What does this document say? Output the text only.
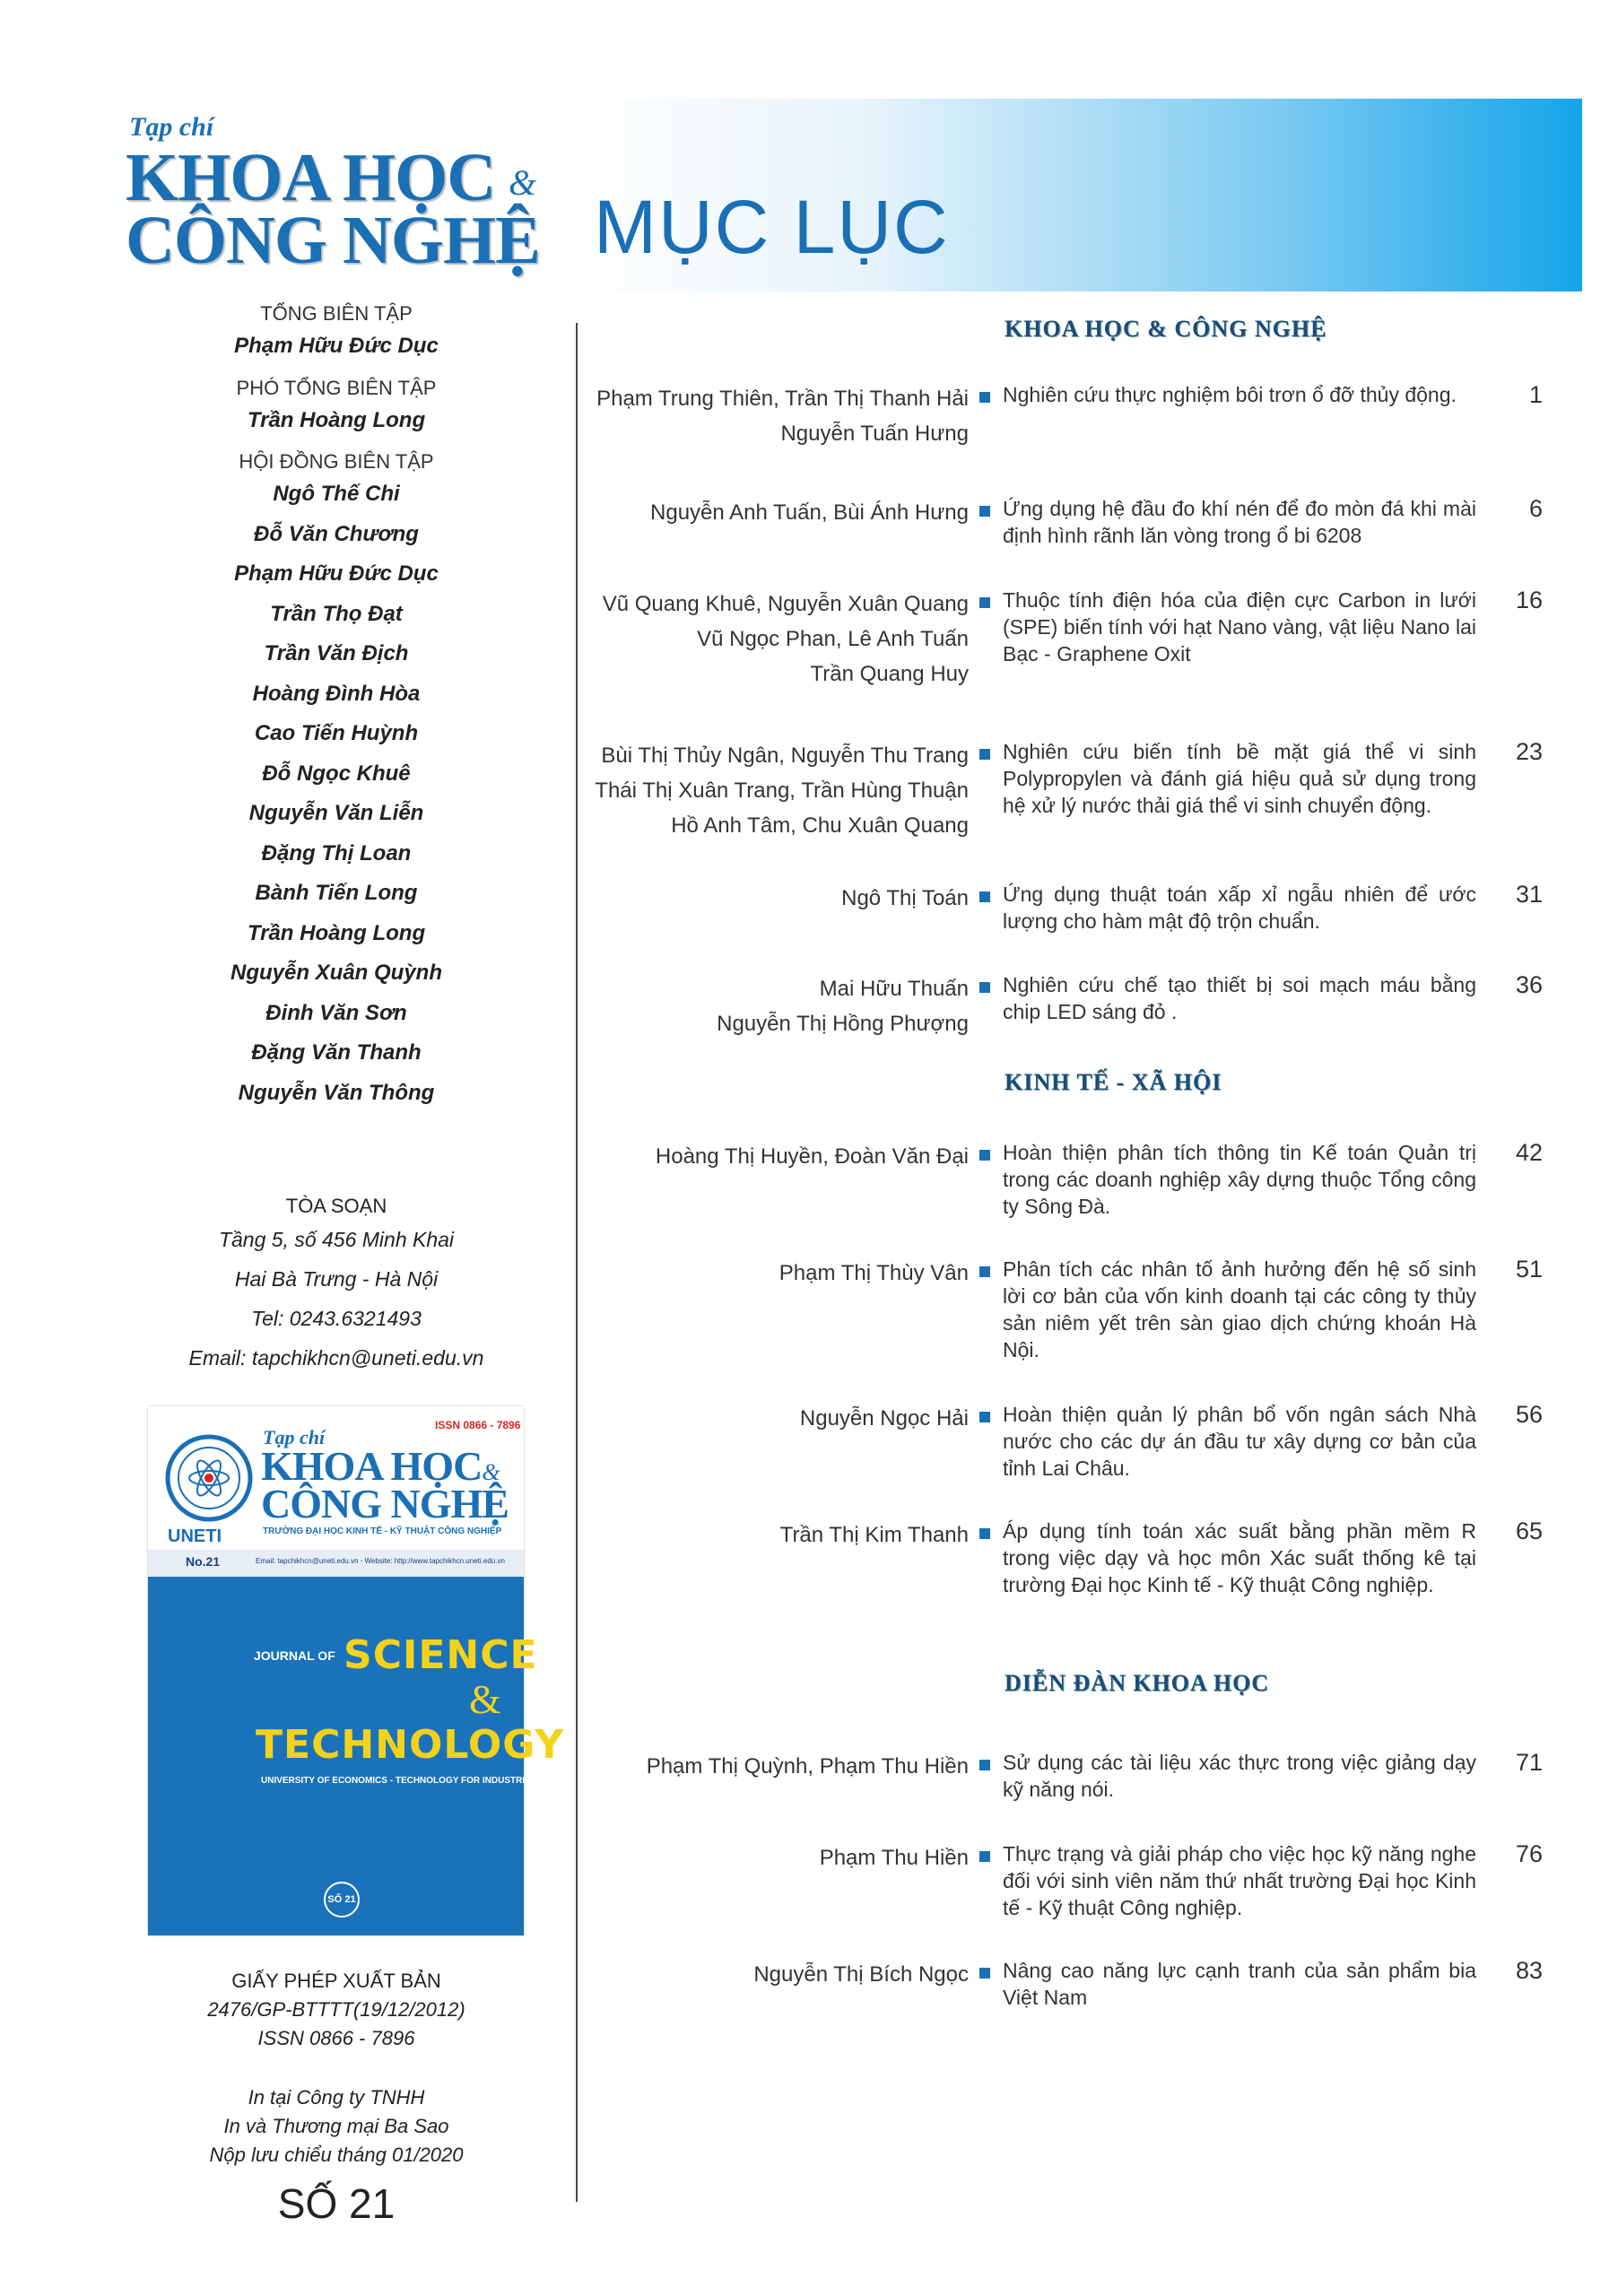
Tạp chí
KHOA HỌC &
CÔNG NGHỆ
TỔNG BIÊN TẬP
Phạm Hữu Đức Dục
PHÓ TỔNG BIÊN TẬP
Trần Hoàng Long
HỘI ĐỒNG BIÊN TẬP
Ngô Thế Chi
Đỗ Văn Chương
Phạm Hữu Đức Dục
Trần Thọ Đạt
Trần Văn Địch
Hoàng Đình Hòa
Cao Tiến Huỳnh
Đỗ Ngọc Khuê
Nguyễn Văn Liễn
Đặng Thị Loan
Bành Tiến Long
Trần Hoàng Long
Nguyễn Xuân Quỳnh
Đinh Văn Sơn
Đặng Văn Thanh
Nguyễn Văn Thông
TÒA SOẠN
Tầng 5, số 456 Minh Khai
Hai Bà Trưng - Hà Nội
Tel: 0243.6321493
Email: tapchikhcn@uneti.edu.vn
UNETI
ISSN 0866 - 7896
Tạp chí
KHOA HỌC&
CÔNG NGHỆ
TRƯỜNG ĐẠI HỌC KINH TẾ - KỸ THUẬT CÔNG NGHIỆP
No.21	Email: tapchikhcn@uneti.edu.vn - Website: http://www.tapchikhcn.uneti.edu.vn
JOURNAL OF SCIENCE
&
TECHNOLOGY
UNIVERSITY OF ECONOMICS - TECHNOLOGY FOR INDUSTRIES
SỐ 21
GIẤY PHÉP XUẤT BẢN
2476/GP-BTTTT(19/12/2012)
ISSN 0866 - 7896
In tại Công ty TNHH
In và Thương mại Ba Sao
Nộp lưu chiểu tháng 01/2020
SỐ 21
MỤC LỤC
KHOA HỌC & CÔNG NGHỆ
KINH TẾ - XÃ HỘI
DIỄN ĐÀN KHOA HỌC
Phạm Trung Thiên, Trần Thị Thanh Hải
Nguyễn Tuấn Hưng
Nghiên cứu thực nghiệm bôi trơn ổ đỡ thủy động.	1
Nguyễn Anh Tuấn, Bùi Ánh Hưng Ứng dụng hệ đầu đo khí nén để đo mòn đá khi mài định hình rãnh lăn vòng trong ổ bi 6208
6
Vũ Quang Khuê, Nguyễn Xuân Quang
Vũ Ngọc Phan, Lê Anh Tuấn
Trần Quang Huy
Thuộc tính điện hóa của điện cực Carbon in lưới (SPE) biến tính với hạt Nano vàng, vật liệu Nano lai Bạc - Graphene Oxit
16
Bùi Thị Thủy Ngân, Nguyễn Thu Trang
Thái Thị Xuân Trang, Trần Hùng Thuận
Hồ Anh Tâm, Chu Xuân Quang
Nghiên cứu biến tính bề mặt giá thể vi sinh Polypropylen và đánh giá hiệu quả sử dụng trong hệ xử lý nước thải giá thể vi sinh chuyển động.
23
Ngô Thị Toán Ứng dụng thuật toán xấp xỉ ngẫu nhiên để ước lượng cho hàm mật độ trộn chuẩn.
31
Mai Hữu Thuấn
Nguyễn Thị Hồng Phượng
Nghiên cứu chế tạo thiết bị soi mạch máu bằng chip LED sáng đỏ .
36
Hoàng Thị Huyền, Đoàn Văn Đại Hoàn thiện phân tích thông tin Kế toán Quản trị trong các doanh nghiệp xây dựng thuộc Tổng công ty Sông Đà.
42
Phạm Thị Thùy Vân Phân tích các nhân tố ảnh hưởng đến hệ số sinh lời cơ bản của vốn kinh doanh tại các công ty thủy sản niêm yết trên sàn giao dịch chứng khoán Hà Nội.
51
Nguyễn Ngọc Hải Hoàn thiện quản lý phân bổ vốn ngân sách Nhà nước cho các dự án đầu tư xây dựng cơ bản của tỉnh Lai Châu.
56
Trần Thị Kim Thanh Áp dụng tính toán xác suất bằng phần mềm R trong việc dạy và học môn Xác suất thống kê tại trường Đại học Kinh tế - Kỹ thuật Công nghiệp.
65
Phạm Thị Quỳnh, Phạm Thu Hiền Sử dụng các tài liệu xác thực trong việc giảng dạy kỹ năng nói.
71
Phạm Thu Hiền Thực trạng và giải pháp cho việc học kỹ năng nghe đối với sinh viên năm thứ nhất trường Đại học Kinh tế - Kỹ thuật Công nghiệp.
76
Nguyễn Thị Bích Ngọc Nâng cao năng lực cạnh tranh của sản phẩm bia Việt Nam
83
